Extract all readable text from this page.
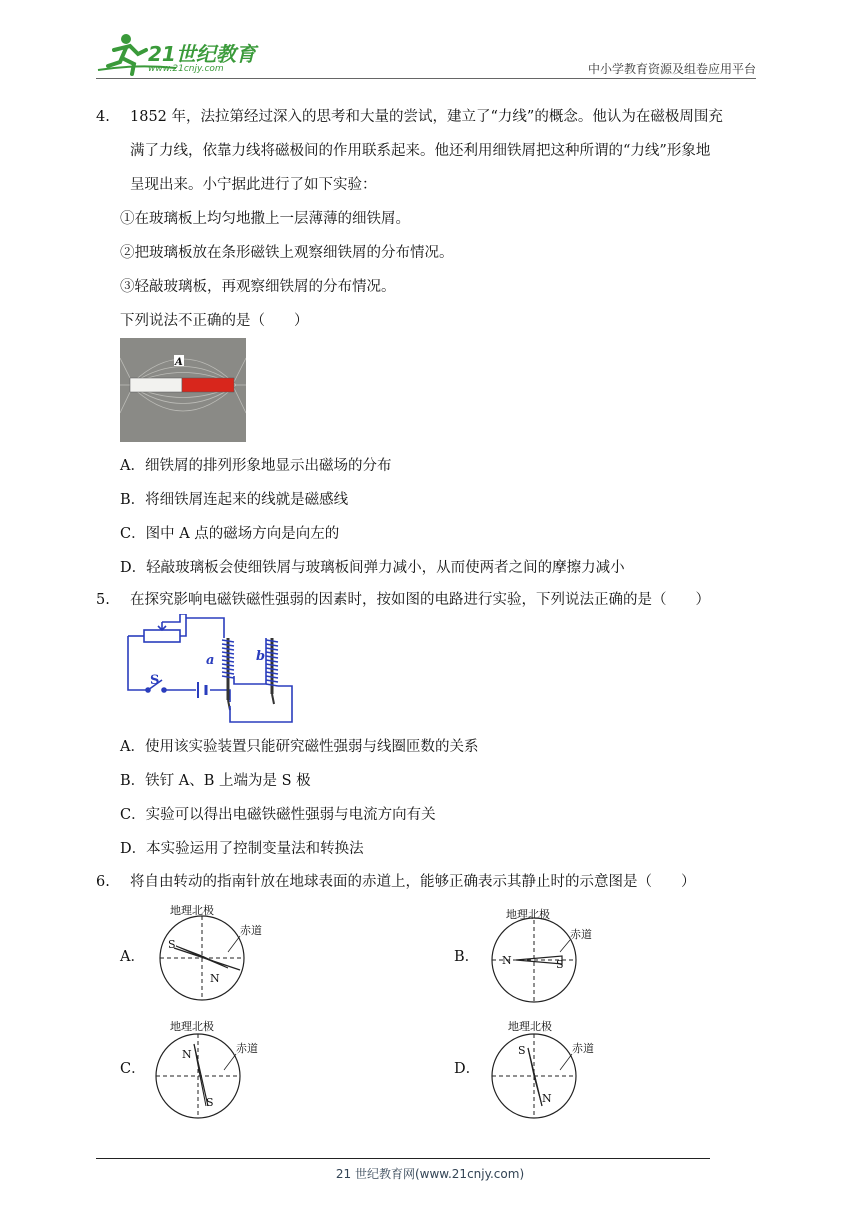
21世纪教育
www.21cnjy.com	中小学教育资源及组卷应用平台
4. 1852 年，法拉第经过深入的思考和大量的尝试，建立了“力线”的概念。他认为在磁极周围充
满了力线，依靠力线将磁极间的作用联系起来。他还利用细铁屑把这种所谓的“力线”形象地
呈现出来。小宁据此进行了如下实验：
①在玻璃板上均匀地撒上一层薄薄的细铁屑。
②把玻璃板放在条形磁铁上观察细铁屑的分布情况。
③轻敲玻璃板，再观察细铁屑的分布情况。
下列说法不正确的是（　　）
A
A．细铁屑的排列形象地显示出磁场的分布
B．将细铁屑连起来的线就是磁感线
C．图中 A 点的磁场方向是向左的
D．轻敲玻璃板会使细铁屑与玻璃板间弹力减小，从而使两者之间的摩擦力减小
5. 在探究影响电磁铁磁性强弱的因素时，按如图的电路进行实验，下列说法正确的是（　　）
a	b
S
A．使用该实验装置只能研究磁性强弱与线圈匝数的关系
B．铁钉 A、B 上端为是 S 极
C．实验可以得出电磁铁磁性强弱与电流方向有关
D．本实验运用了控制变量法和转换法
6. 将自由转动的指南针放在地球表面的赤道上，能够正确表示其静止时的示意图是（　　）
A．
地理北极
S
N
赤道
B．
地理北极
N	S
赤道
C．
地理北极
N
S
赤道
D．
地理北极
S
N
赤道
21 世纪教育网(www.21cnjy.com)
